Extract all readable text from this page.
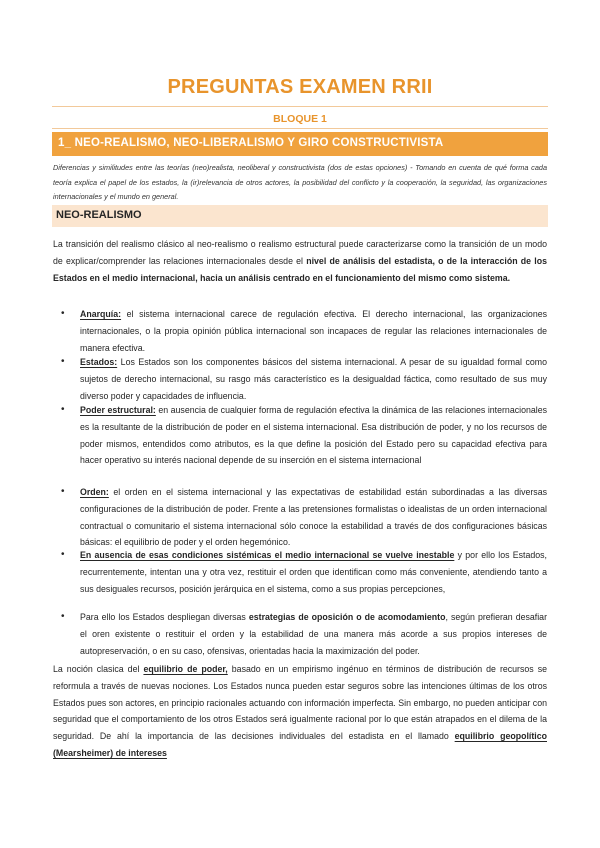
PREGUNTAS EXAMEN RRII
BLOQUE 1
1_ NEO-REALISMO, NEO-LIBERALISMO Y GIRO CONSTRUCTIVISTA
Diferencias y similitudes entre las teorías (neo)realista, neoliberal y constructivista (dos de estas opciones) - Tomando en cuenta de qué forma cada teoría explica el papel de los estados, la (ir)relevancia de otros actores, la posibilidad del conflicto y la cooperación, la seguridad, las organizaciones internacionales y el mundo en general.
NEO-REALISMO
La transición del realismo clásico al neo-realismo o realismo estructural puede caracterizarse como la transición de un modo de explicar/comprender las relaciones internacionales desde el nivel de análisis del estadista, o de la interacción de los Estados en el medio internacional, hacia un análisis centrado en el funcionamiento del mismo como sistema.
• Anarquía: el sistema internacional carece de regulación efectiva. El derecho internacional, las organizaciones internacionales, o la propia opinión pública internacional son incapaces de regular las relaciones internacionales de manera efectiva.
• Estados: Los Estados son los componentes básicos del sistema internacional. A pesar de su igualdad formal como sujetos de derecho internacional, su rasgo más característico es la desigualdad fáctica, como resultado de sus muy diverso poder y capacidades de influencia.
• Poder estructural: en ausencia de cualquier forma de regulación efectiva la dinámica de las relaciones internacionales es la resultante de la distribución de poder en el sistema internacional. Esa distribución de poder, y no los recursos de poder mismos, entendidos como atributos, es la que define la posición del Estado pero su capacidad efectiva para hacer operativo su interés nacional depende de su inserción en el sistema internacional
• Orden: el orden en el sistema internacional y las expectativas de estabilidad están subordinadas a las diversas configuraciones de la distribución de poder. Frente a las pretensiones formalistas o idealistas de un orden internacional contractual o comunitario el sistema internacional sólo conoce la estabilidad a través de dos configuraciones básicas básicas: el equilibrio de poder y el orden hegemónico.
• En ausencia de esas condiciones sistémicas el medio internacional se vuelve inestable y por ello los Estados, recurrentemente, intentan una y otra vez, restituir el orden que identifican como más conveniente, atendiendo tanto a sus desiguales recursos, posición jerárquica en el sistema, como a sus propias percepciones,
• Para ello los Estados despliegan diversas estrategias de oposición o de acomodamiento, según prefieran desafiar el oren existente o restituir el orden y la estabilidad de una manera más acorde a sus propios intereses de autopreservación, o en su caso, ofensivas, orientadas hacia la maximización del poder.
La noción clasica del equilibrio de poder, basado en un empirismo ingénuo en términos de distribución de recursos se reformula a través de nuevas nociones. Los Estados nunca pueden estar seguros sobre las intenciones últimas de los otros Estados pues son actores, en principio racionales actuando con información imperfecta. Sin embargo, no pueden anticipar con seguridad que el comportamiento de los otros Estados será igualmente racional por lo que están atrapados en el dilema de la seguridad. De ahí la importancia de las decisiones individuales del estadista en el llamado equilibrio geopolítico (Mearsheimer) de intereses
